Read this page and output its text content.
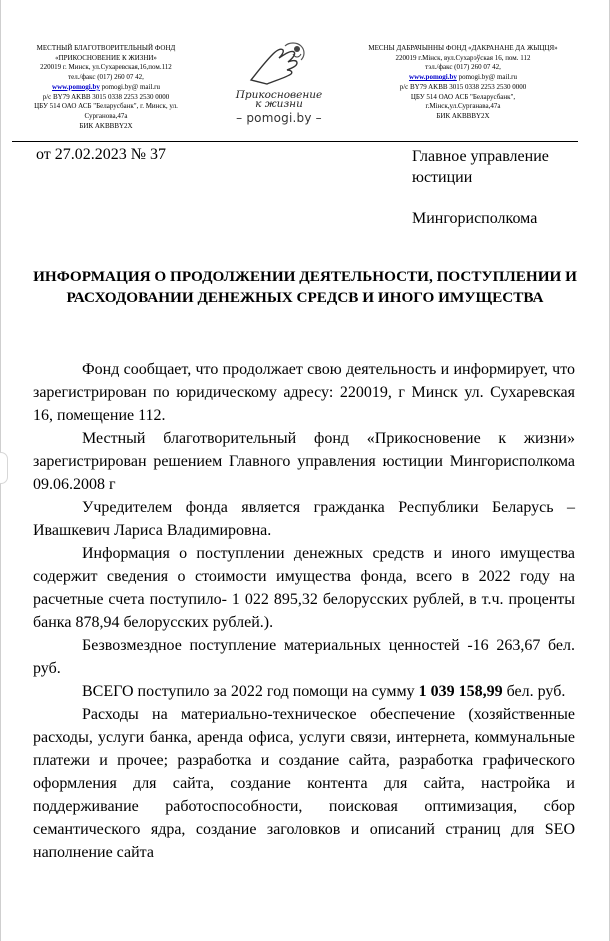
МЕСТНЫЙ БЛАГОТВОРИТЕЛЬНЫЙ ФОНД
«ПРИКОСНОВЕНИЕ К ЖИЗНИ»
220019 г. Минск, ул.Сухаревская,16,пом.112
тел./факс (017) 260 07 42,
www.pomogi.by pomogi.by@ mail.ru
р/с BY79 AKBB 3015 0338 2253 2530 0000
ЦБУ 514 ОАО АСБ "Беларусбанк", г. Минск, ул.
Сурганова,47а
БИК AKBBBY2X
Прикосновение
к жизни
– pomogi.by –
МЕСНЫ ДАБРАЧЫННЫ ФОНД «ДАКРАНАНЕ ДА ЖЫЦЦЯ»
220019 г.Мінск, вул.Сухарэўская 16, пом. 112
тэл./факс (017) 260 07 42,
www.pomogi.by pomogi.by@ mail.ru
р/с BY79 AKBB 3015 0338 2253 2530 0000
ЦБУ 514 ОАО АСБ "Беларусбанк",
г.Мінск,ул.Сурганава,47а
БИК AKBBBY2X
от 27.02.2023 № 37	Главное управление
юстиции
Мингорисполкома
ИНФОРМАЦИЯ О ПРОДОЛЖЕНИИ ДЕЯТЕЛЬНОСТИ, ПОСТУПЛЕНИИ И РАСХОДОВАНИИ ДЕНЕЖНЫХ СРЕДСВ И ИНОГО ИМУЩЕСТВА

Фонд сообщает, что продолжает свою деятельность и информирует, что зарегистрирован по юридическому адресу: 220019, г Минск ул. Сухаревская 16, помещение 112.

Местный благотворительный фонд «Прикосновение к жизни» зарегистрирован решением Главного управления юстиции Мингорисполкома 09.06.2008 г

Учредителем фонда является гражданка Республики Беларусь – Ивашкевич Лариса Владимировна.

Информация о поступлении денежных средств и иного имущества содержит сведения о стоимости имущества фонда, всего в 2022 году на расчетные счета поступило- 1 022 895,32 белорусских рублей, в т.ч. проценты банка 878,94 белорусских рублей.).

Безвозмездное поступление материальных ценностей -16 263,67 бел. руб.

ВСЕГО поступило за 2022 год помощи на сумму 1 039 158,99 бел. руб.

Расходы на материально-техническое обеспечение (хозяйственные расходы, услуги банка, аренда офиса, услуги связи, интернета, коммунальные платежи и прочее; разработка и создание сайта, разработка графического оформления для сайта, создание контента для сайта, настройка и поддерживание работоспособности, поисковая оптимизация, сбор семантического ядра, создание заголовков и описаний страниц для SEO наполнение сайта
